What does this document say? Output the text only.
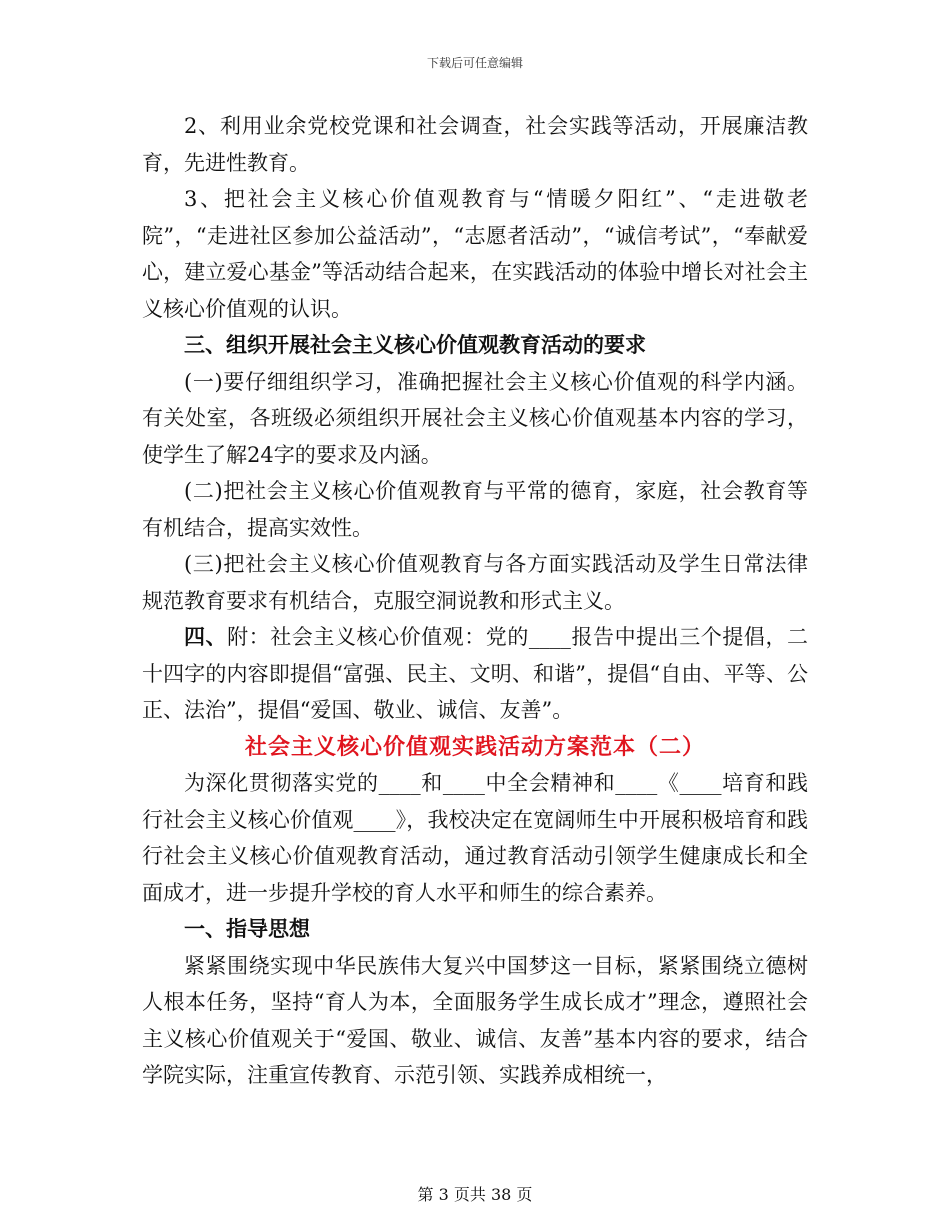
下载后可任意编辑

2、利用业余党校党课和社会调查，社会实践等活动，开展廉洁教育，先进性教育。

3、把社会主义核心价值观教育与“情暖夕阳红”、“走进敬老院”，“走进社区参加公益活动”，“志愿者活动”，“诚信考试”，“奉献爱心，建立爱心基金”等活动结合起来，在实践活动的体验中增长对社会主义核心价值观的认识。

三、组织开展社会主义核心价值观教育活动的要求

(一)要仔细组织学习，准确把握社会主义核心价值观的科学内涵。有关处室，各班级必须组织开展社会主义核心价值观基本内容的学习，使学生了解24字的要求及内涵。

(二)把社会主义核心价值观教育与平常的德育，家庭，社会教育等有机结合，提高实效性。

(三)把社会主义核心价值观教育与各方面实践活动及学生日常法律规范教育要求有机结合，克服空洞说教和形式主义。

四、附：社会主义核心价值观：党的____报告中提出三个提倡，二十四字的内容即提倡“富强、民主、文明、和谐”，提倡“自由、平等、公正、法治”，提倡“爱国、敬业、诚信、友善”。

社会主义核心价值观实践活动方案范本（二）

为深化贯彻落实党的____和____中全会精神和____《____培育和践行社会主义核心价值观____》，我校决定在宽阔师生中开展积极培育和践行社会主义核心价值观教育活动，通过教育活动引领学生健康成长和全面成才，进一步提升学校的育人水平和师生的综合素养。

一、指导思想

紧紧围绕实现中华民族伟大复兴中国梦这一目标，紧紧围绕立德树人根本任务，坚持“育人为本，全面服务学生成长成才”理念，遵照社会主义核心价值观关于“爱国、敬业、诚信、友善”基本内容的要求，结合学院实际，注重宣传教育、示范引领、实践养成相统一，

第 3 页共 38 页
